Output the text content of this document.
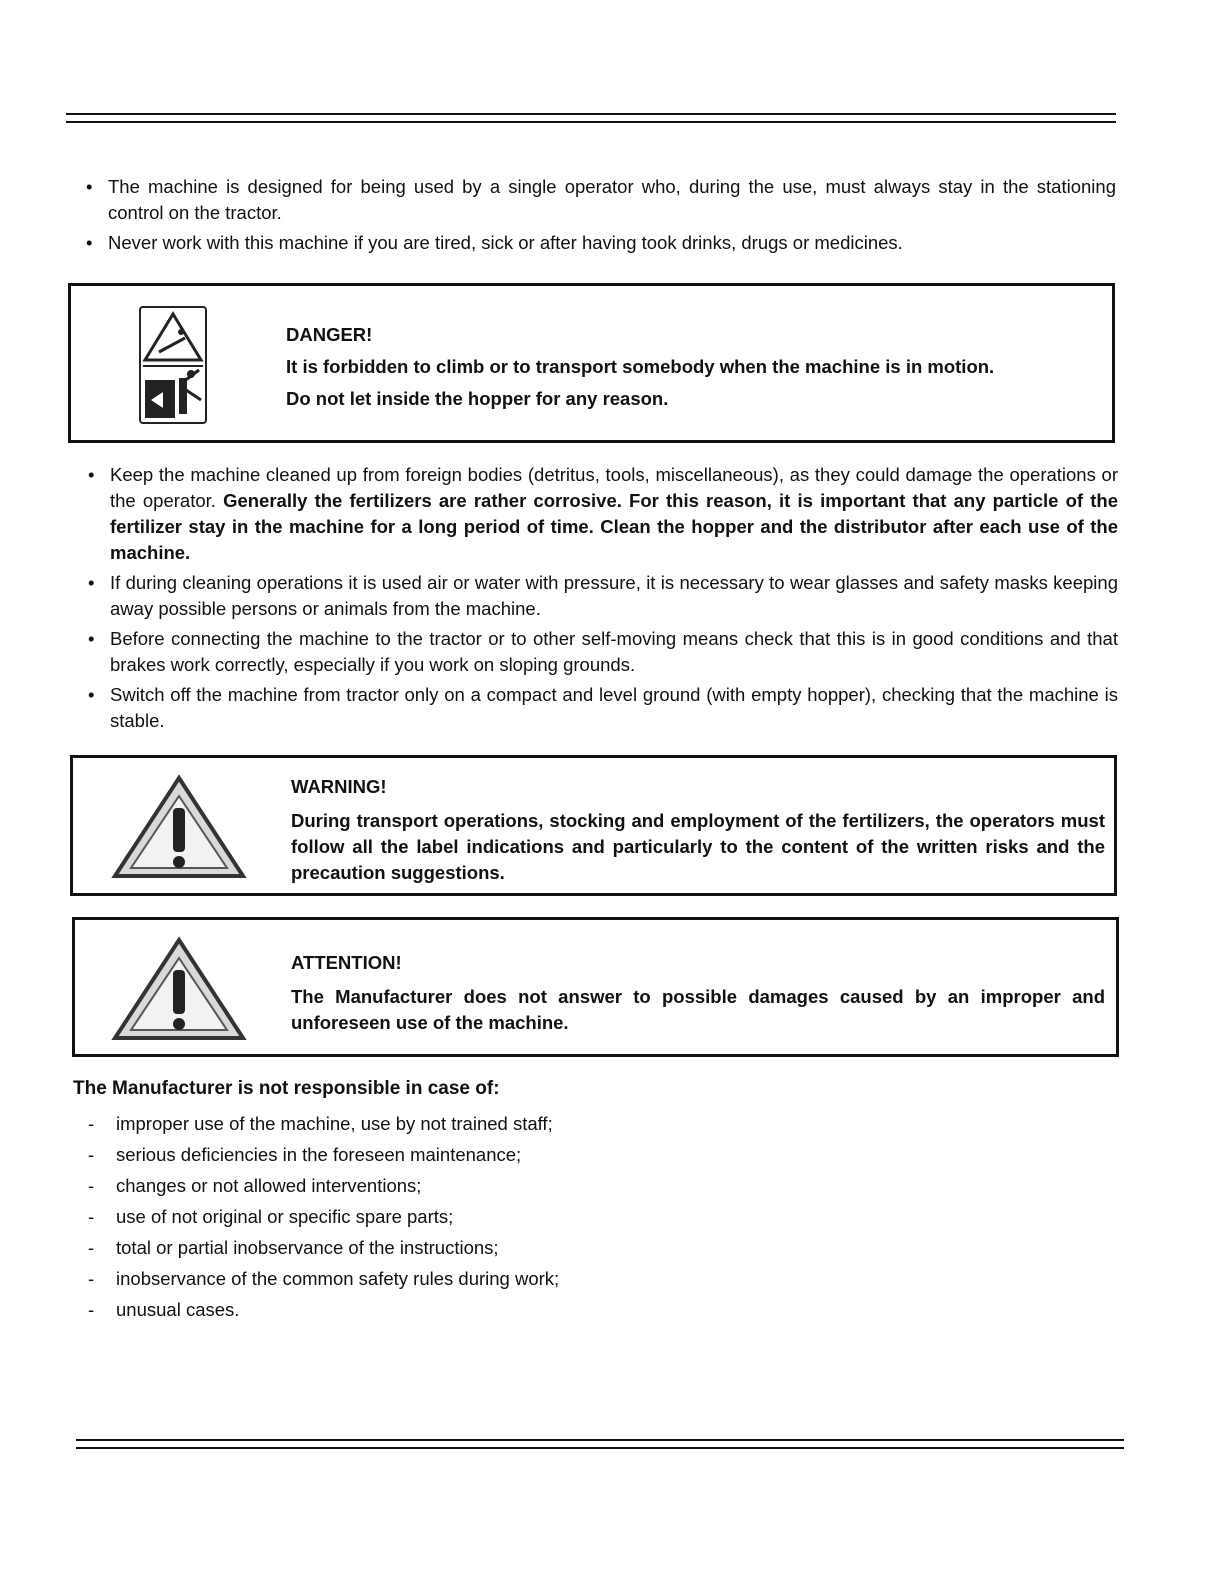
• The machine is designed for being used by a single operator who, during the use, must always stay in the stationing control on the tractor.
• Never work with this machine if you are tired, sick or after having took drinks, drugs or medicines.
DANGER!
It is forbidden to climb or to transport somebody when the machine is in motion.
Do not let inside the hopper for any reason.
• Keep the machine cleaned up from foreign bodies (detritus, tools, miscellaneous), as they could damage the operations or the operator. Generally the fertilizers are rather corrosive. For this reason, it is important that any particle of the fertilizer stay in the machine for a long period of time. Clean the hopper and the distributor after each use of the machine.
• If during cleaning operations it is used air or water with pressure, it is necessary to wear glasses and safety masks keeping away possible persons or animals from the machine.
• Before connecting the machine to the tractor or to other self-moving means check that this is in good conditions and that brakes work correctly, especially if you work on sloping grounds.
• Switch off the machine from tractor only on a compact and level ground (with empty hopper), checking that the machine is stable.
WARNING!
During transport operations, stocking and employment of the fertilizers, the operators must follow all the label indications and particularly to the content of the written risks and the precaution suggestions.
ATTENTION!
The Manufacturer does not answer to possible damages caused by an improper and unforeseen use of the machine.
The Manufacturer is not responsible in case of:
- improper use of the machine, use by not trained staff;
- serious deficiencies in the foreseen maintenance;
- changes or not allowed interventions;
- use of not original or specific spare parts;
- total or partial inobservance of the instructions;
- inobservance of the common safety rules during work;
- unusual cases.
